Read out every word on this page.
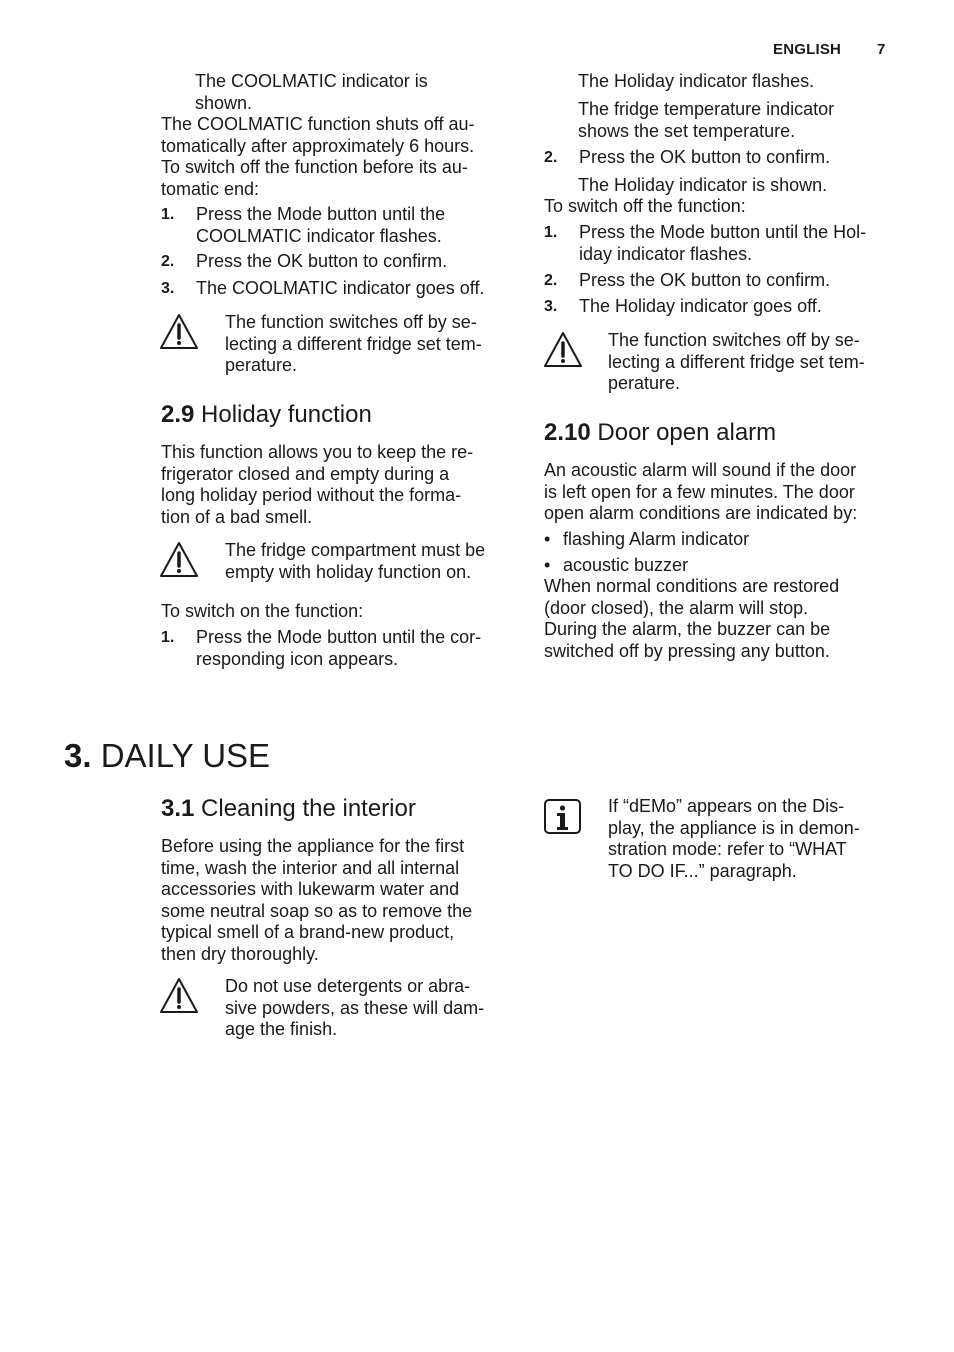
ENGLISH 7

The COOLMATIC indicator is

shown.

The COOLMATIC function shuts off au-

tomatically after approximately 6 hours.

To switch off the function before its au-

tomatic end:

1. Press the Mode button until the

COOLMATIC indicator flashes.

2. Press the OK button to confirm.

3. The COOLMATIC indicator goes off.

The function switches off by se-

lecting a different fridge set tem-

perature.

2.9 Holiday function

This function allows you to keep the re-

frigerator closed and empty during a

long holiday period without the forma-

tion of a bad smell.

The fridge compartment must be

empty with holiday function on.

To switch on the function:
1. Press the Mode button until the cor-

responding icon appears.

The Holiday indicator flashes.

The fridge temperature indicator

shows the set temperature.

2. Press the OK button to confirm.

The Holiday indicator is shown.
To switch off the function:
1. Press the Mode button until the Hol-

iday indicator flashes.

2. Press the OK button to confirm.

3. The Holiday indicator goes off.

The function switches off by se-

lecting a different fridge set tem-

perature.

2.10 Door open alarm

An acoustic alarm will sound if the door

is left open for a few minutes. The door

open alarm conditions are indicated by:

• flashing Alarm indicator
• acoustic buzzer

When normal conditions are restored

(door closed), the alarm will stop.

During the alarm, the buzzer can be

switched off by pressing any button.

3. DAILY USE
3.1 Cleaning the interior

Before using the appliance for the first

time, wash the interior and all internal

accessories with lukewarm water and

some neutral soap so as to remove the

typical smell of a brand-new product,

then dry thoroughly.

Do not use detergents or abra-

sive powders, as these will dam-

age the finish.

If “dEMo” appears on the Dis-

play, the appliance is in demon-

stration mode: refer to “WHAT

TO DO IF...” paragraph.
